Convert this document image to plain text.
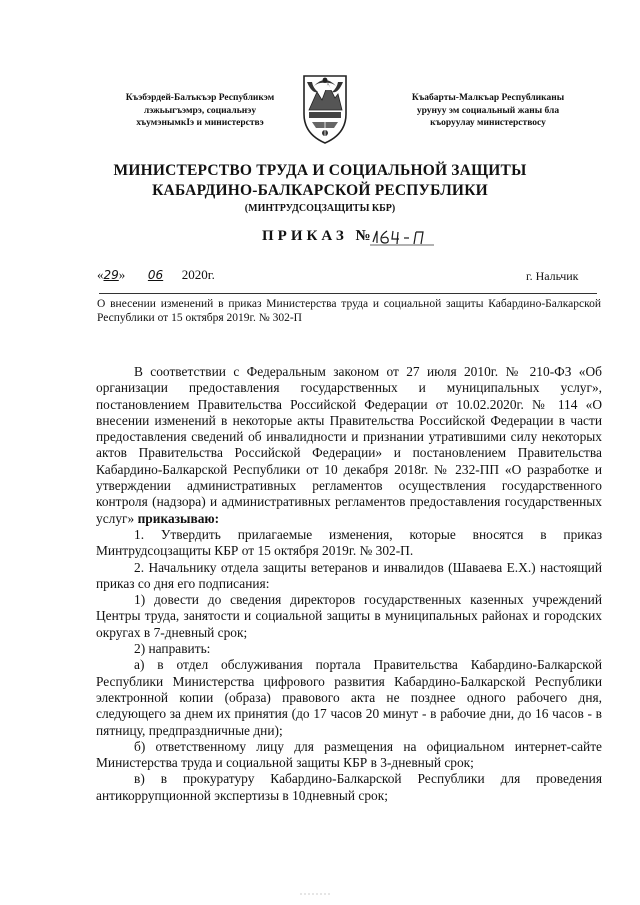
Къэбэрдей-Балъкъэр Республикэм
лэжьыгъэмрэ, социальнэу
хъумэнымкIэ и министерствэ
Къабарты-Малкъар Республиканы
урунуу эм социальный жаны бла
къоруулау министерствосу
МИНИСТЕРСТВО ТРУДА И СОЦИАЛЬНОЙ ЗАЩИТЫ
КАБАРДИНО-БАЛКАРСКОЙ РЕСПУБЛИКИ
(МИНТРУДСОЦЗАЩИТЫ КБР)
ПРИКАЗ №
«29» 06 2020г.	г. Нальчик
О внесении изменений в приказ Министерства труда и социальной защиты Кабардино-Балкарской Республики от 15 октября 2019г. № 302-П

В соответствии с Федеральным законом от 27 июля 2010г. № 210-ФЗ «Об организации предоставления государственных и муниципальных услуг», постановлением Правительства Российской Федерации от 10.02.2020г. № 114 «О внесении изменений в некоторые акты Правительства Российской Федерации в части предоставления сведений об инвалидности и признании утратившими силу некоторых актов Правительства Российской Федерации» и постановлением Правительства Кабардино-Балкарской Республики от 10 декабря 2018г. № 232-ПП «О разработке и утверждении административных регламентов осуществления государственного контроля (надзора) и административных регламентов предоставления государственных услуг» приказываю:

1. Утвердить прилагаемые изменения, которые вносятся в приказ Минтрудсоцзащиты КБР от 15 октября 2019г. № 302-П.

2. Начальнику отдела защиты ветеранов и инвалидов (Шаваева Е.Х.) настоящий приказ со дня его подписания:

1) довести до сведения директоров государственных казенных учреждений Центры труда, занятости и социальной защиты в муниципальных районах и городских округах в 7-дневный срок;

2) направить:

а) в отдел обслуживания портала Правительства Кабардино-Балкарской Республики Министерства цифрового развития Кабардино-Балкарской Республики электронной копии (образа) правового акта не позднее одного рабочего дня, следующего за днем их принятия (до 17 часов 20 минут - в рабочие дни, до 16 часов - в пятницу, предпраздничные дни);

б) ответственному лицу для размещения на официальном интернет-сайте Министерства труда и социальной защиты КБР в 3-дневный срок;

в) в прокуратуру Кабардино-Балкарской Республики для проведения антикоррупционной экспертизы в 10дневный срок;
